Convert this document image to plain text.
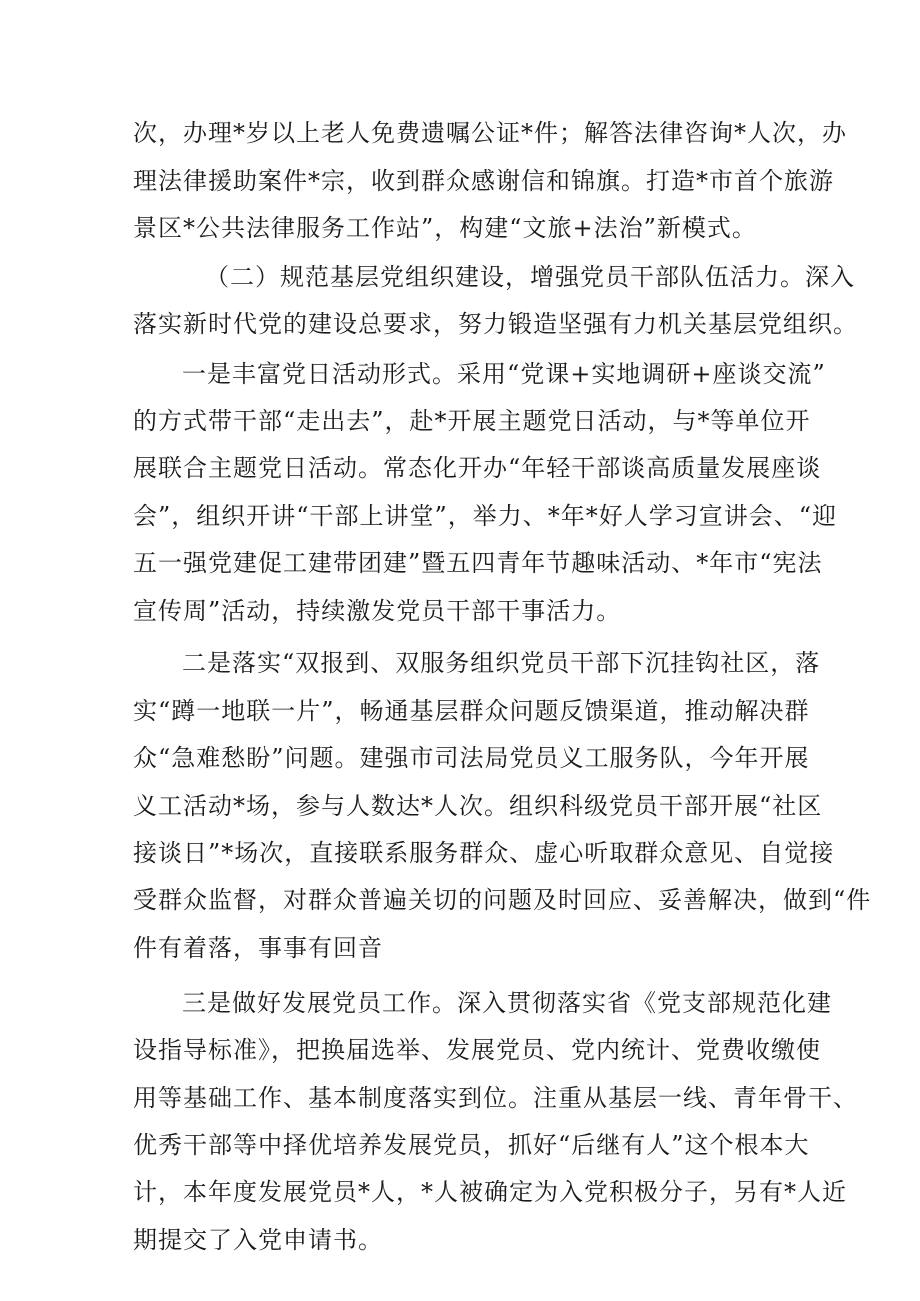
次，办理*岁以上老人免费遗嘱公证*件；解答法律咨询*人次，办
理法律援助案件*宗，收到群众感谢信和锦旗。打造*市首个旅游
景区*公共法律服务工作站”，构建“文旅+法治”新模式。
（二）规范基层党组织建设，增强党员干部队伍活力。深入
落实新时代党的建设总要求，努力锻造坚强有力机关基层党组织。
一是丰富党日活动形式。采用“党课+实地调研+座谈交流”
的方式带干部“走出去”，赴*开展主题党日活动，与*等单位开
展联合主题党日活动。常态化开办“年轻干部谈高质量发展座谈
会”，组织开讲“干部上讲堂”，举力、*年*好人学习宣讲会、“迎
五一强党建促工建带团建”暨五四青年节趣味活动、*年市“宪法
宣传周”活动，持续激发党员干部干事活力。
二是落实“双报到、双服务组织党员干部下沉挂钩社区，落
实“蹲一地联一片”，畅通基层群众问题反馈渠道，推动解决群
众“急难愁盼”问题。建强市司法局党员义工服务队，今年开展
义工活动*场，参与人数达*人次。组织科级党员干部开展“社区
接谈日”*场次，直接联系服务群众、虚心听取群众意见、自觉接
受群众监督，对群众普遍关切的问题及时回应、妥善解决，做到“件
件有着落，事事有回音
三是做好发展党员工作。深入贯彻落实省《党支部规范化建
设指导标准》，把换届选举、发展党员、党内统计、党费收缴使
用等基础工作、基本制度落实到位。注重从基层一线、青年骨干、
优秀干部等中择优培养发展党员，抓好“后继有人”这个根本大
计，本年度发展党员*人，*人被确定为入党积极分子，另有*人近
期提交了入党申请书。
